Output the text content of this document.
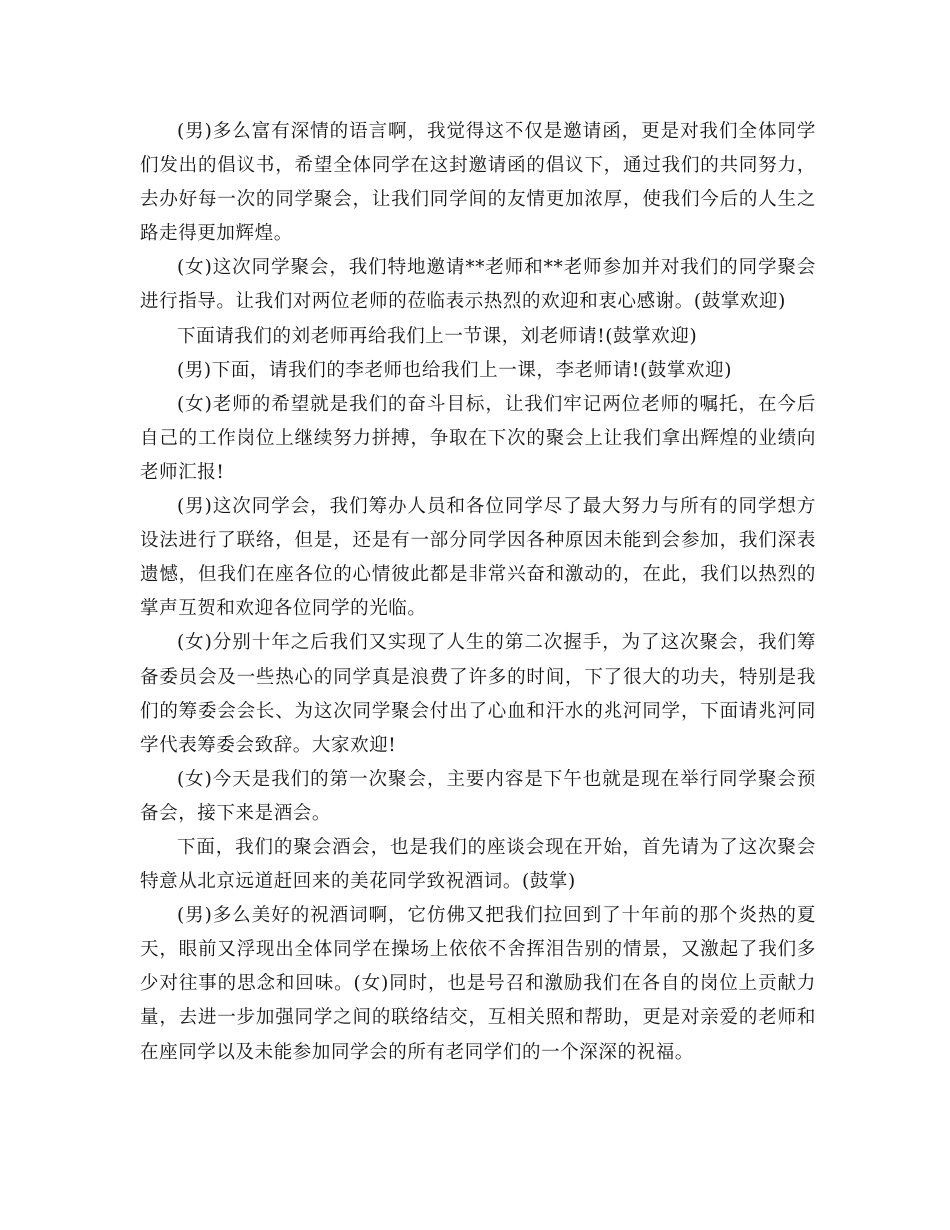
(男)多么富有深情的语言啊，我觉得这不仅是邀请函，更是对我们全体同学们发出的倡议书，希望全体同学在这封邀请函的倡议下，通过我们的共同努力，去办好每一次的同学聚会，让我们同学间的友情更加浓厚，使我们今后的人生之路走得更加辉煌。

(女)这次同学聚会，我们特地邀请**老师和**老师参加并对我们的同学聚会进行指导。让我们对两位老师的莅临表示热烈的欢迎和衷心感谢。(鼓掌欢迎)

下面请我们的刘老师再给我们上一节课，刘老师请!(鼓掌欢迎)

(男)下面，请我们的李老师也给我们上一课，李老师请!(鼓掌欢迎)

(女)老师的希望就是我们的奋斗目标，让我们牢记两位老师的嘱托，在今后自己的工作岗位上继续努力拼搏，争取在下次的聚会上让我们拿出辉煌的业绩向老师汇报!

(男)这次同学会，我们筹办人员和各位同学尽了最大努力与所有的同学想方设法进行了联络，但是，还是有一部分同学因各种原因未能到会参加，我们深表遗憾，但我们在座各位的心情彼此都是非常兴奋和激动的，在此，我们以热烈的掌声互贺和欢迎各位同学的光临。

(女)分别十年之后我们又实现了人生的第二次握手，为了这次聚会，我们筹备委员会及一些热心的同学真是浪费了许多的时间，下了很大的功夫，特别是我们的筹委会会长、为这次同学聚会付出了心血和汗水的兆河同学，下面请兆河同学代表筹委会致辞。大家欢迎!

(女)今天是我们的第一次聚会，主要内容是下午也就是现在举行同学聚会预备会，接下来是酒会。

下面，我们的聚会酒会，也是我们的座谈会现在开始，首先请为了这次聚会特意从北京远道赶回来的美花同学致祝酒词。(鼓掌)

(男)多么美好的祝酒词啊，它仿佛又把我们拉回到了十年前的那个炎热的夏天，眼前又浮现出全体同学在操场上依依不舍挥泪告别的情景，又激起了我们多少对往事的思念和回味。(女)同时，也是号召和激励我们在各自的岗位上贡献力量，去进一步加强同学之间的联络结交，互相关照和帮助，更是对亲爱的老师和在座同学以及未能参加同学会的所有老同学们的一个深深的祝福。
